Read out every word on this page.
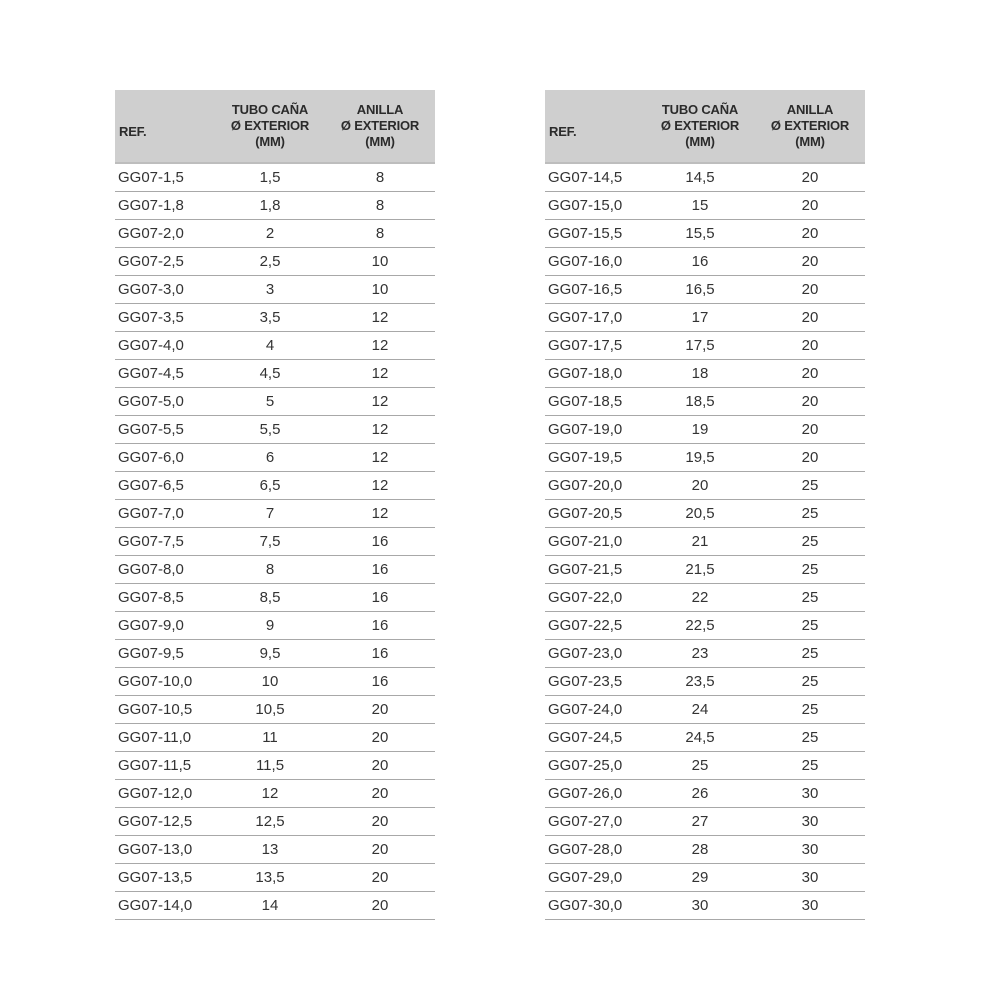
REF.	TUBO CAÑA
Ø EXTERIOR
(MM)	ANILLA
Ø EXTERIOR
(MM)

GG07-1,5	1,5	8
GG07-1,8	1,8	8
GG07-2,0	2	8
GG07-2,5	2,5	10
GG07-3,0	3	10
GG07-3,5	3,5	12
GG07-4,0	4	12
GG07-4,5	4,5	12
GG07-5,0	5	12
GG07-5,5	5,5	12
GG07-6,0	6	12
GG07-6,5	6,5	12
GG07-7,0	7	12
GG07-7,5	7,5	16
GG07-8,0	8	16
GG07-8,5	8,5	16
GG07-9,0	9	16
GG07-9,5	9,5	16
GG07-10,0	10	16
GG07-10,5	10,5	20
GG07-11,0	11	20
GG07-11,5	11,5	20
GG07-12,0	12	20
GG07-12,5	12,5	20
GG07-13,0	13	20
GG07-13,5	13,5	20
GG07-14,0	14	20
REF.	TUBO CAÑA
Ø EXTERIOR
(MM)	ANILLA
Ø EXTERIOR
(MM)

GG07-14,5	14,5	20
GG07-15,0	15	20
GG07-15,5	15,5	20
GG07-16,0	16	20
GG07-16,5	16,5	20
GG07-17,0	17	20
GG07-17,5	17,5	20
GG07-18,0	18	20
GG07-18,5	18,5	20
GG07-19,0	19	20
GG07-19,5	19,5	20
GG07-20,0	20	25
GG07-20,5	20,5	25
GG07-21,0	21	25
GG07-21,5	21,5	25
GG07-22,0	22	25
GG07-22,5	22,5	25
GG07-23,0	23	25
GG07-23,5	23,5	25
GG07-24,0	24	25
GG07-24,5	24,5	25
GG07-25,0	25	25
GG07-26,0	26	30
GG07-27,0	27	30
GG07-28,0	28	30
GG07-29,0	29	30
GG07-30,0	30	30
